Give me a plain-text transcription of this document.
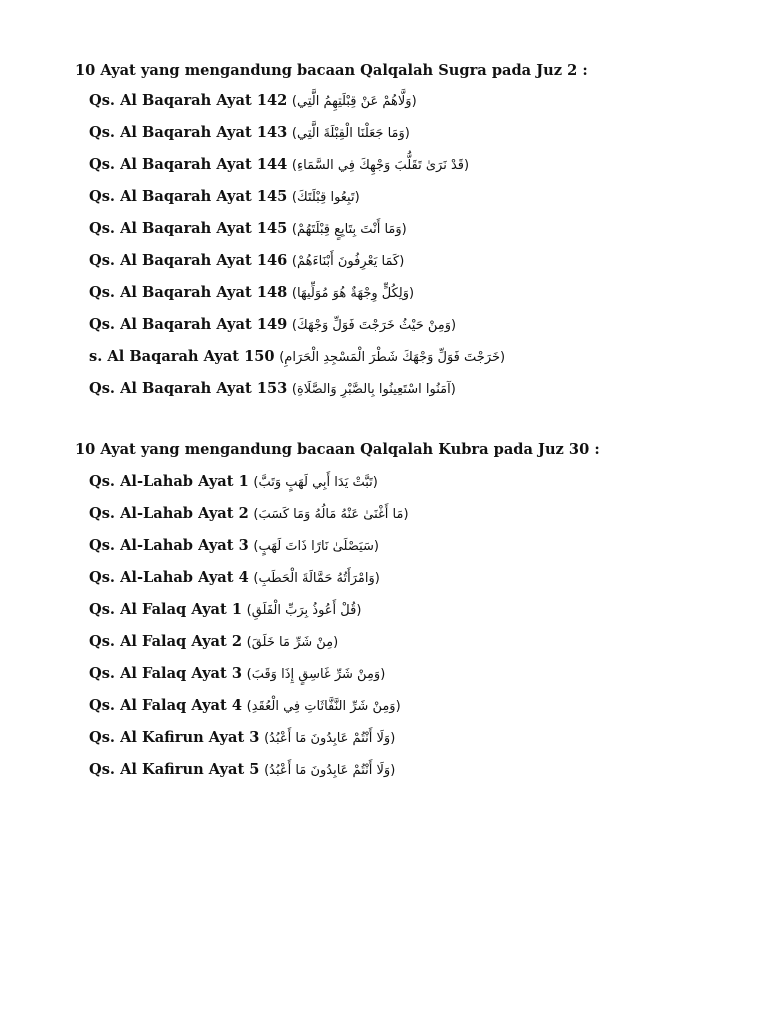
10 Ayat yang mengandung bacaan Qalqalah Sugra pada Juz 2 :
Qs. Al Baqarah Ayat 142 (وَلَّاهُمْ عَنْ قِبْلَتِهِمُ الَّتِي)
Qs. Al Baqarah Ayat 143 (وَمَا جَعَلْنَا الْقِبْلَةَ الَّتِي)
Qs. Al Baqarah Ayat 144 (قَدْ نَرَىٰ تَقَلُّبَ وَجْهِكَ فِي السَّمَاءِ)
Qs. Al Baqarah Ayat 145 (تَبِعُوا قِبْلَتَكَ)
Qs. Al Baqarah Ayat 145 (وَمَا أَنْتَ بِتَابِعٍ قِبْلَتَهُمْ)
Qs. Al Baqarah Ayat 146 (كَمَا يَعْرِفُونَ أَبْنَاءَهُمْ)
Qs. Al Baqarah Ayat 148 (وَلِكُلٍّ وِجْهَةٌ هُوَ مُوَلِّيهَا)
Qs. Al Baqarah Ayat 149 (وَمِنْ حَيْثُ خَرَجْتَ فَوَلِّ وَجْهَكَ)
s. Al Baqarah Ayat 150 (خَرَجْتَ فَوَلِّ وَجْهَكَ شَطْرَ الْمَسْجِدِ الْحَرَامِ)
Qs. Al Baqarah Ayat 153 (آمَنُوا اسْتَعِينُوا بِالصَّبْرِ وَالصَّلَاةِ)
10 Ayat yang mengandung bacaan Qalqalah Kubra pada Juz 30 :
Qs. Al-Lahab Ayat 1 (تَبَّتْ يَدَا أَبِي لَهَبٍ وَتَبَّ)
Qs. Al-Lahab Ayat 2 (مَا أَغْنَىٰ عَنْهُ مَالُهُ وَمَا كَسَبَ)
Qs. Al-Lahab Ayat 3 (سَيَصْلَىٰ نَارًا ذَاتَ لَهَبٍ)
Qs. Al-Lahab Ayat 4 (وَامْرَأَتُهُ حَمَّالَةَ الْحَطَبِ)
Qs. Al Falaq Ayat 1 (قُلْ أَعُوذُ بِرَبِّ الْفَلَقِ)
Qs. Al Falaq Ayat 2 (مِنْ شَرِّ مَا خَلَقَ)
Qs. Al Falaq Ayat 3 (وَمِنْ شَرِّ غَاسِقٍ إِذَا وَقَبَ)
Qs. Al Falaq Ayat 4 (وَمِنْ شَرِّ النَّفَّاثَاتِ فِي الْعُقَدِ)
Qs. Al Kafirun Ayat 3 (وَلَا أَنْتُمْ عَابِدُونَ مَا أَعْبُدُ)
Qs. Al Kafirun Ayat 5 (وَلَا أَنْتُمْ عَابِدُونَ مَا أَعْبُدُ)
